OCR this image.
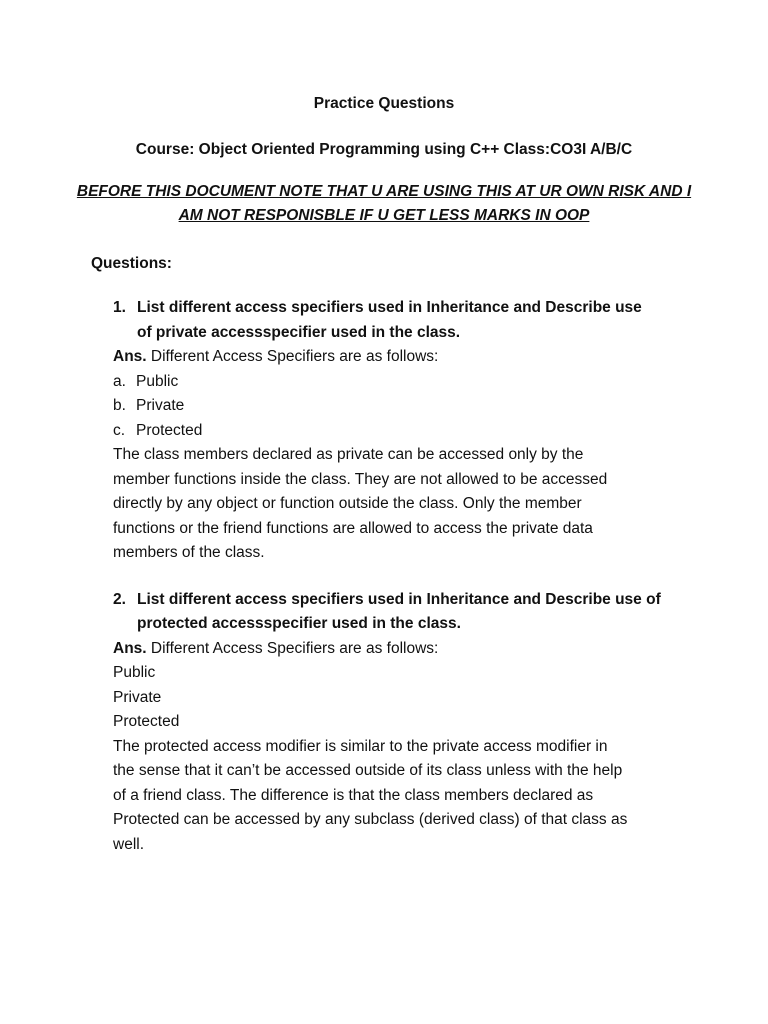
Practice Questions
Course: Object Oriented Programming using C++ Class:CO3I A/B/C
BEFORE THIS DOCUMENT NOTE THAT U ARE USING THIS AT UR OWN RISK AND I
AM NOT RESPONISBLE IF U GET LESS MARKS IN OOP
Questions:
1. List different access specifiers used in Inheritance and Describe use
of private accessspecifier used in the class.
Ans. Different Access Specifiers are as follows:
a. Public
b. Private
c. Protected
The class members declared as private can be accessed only by the
member functions inside the class. They are not allowed to be accessed
directly by any object or function outside the class. Only the member
functions or the friend functions are allowed to access the private data
members of the class.
2. List different access specifiers used in Inheritance and Describe use of
protected accessspecifier used in the class.
Ans. Different Access Specifiers are as follows:
Public
Private
Protected
The protected access modifier is similar to the private access modifier in
the sense that it can’t be accessed outside of its class unless with the help
of a friend class. The difference is that the class members declared as
Protected can be accessed by any subclass (derived class) of that class as
well.
